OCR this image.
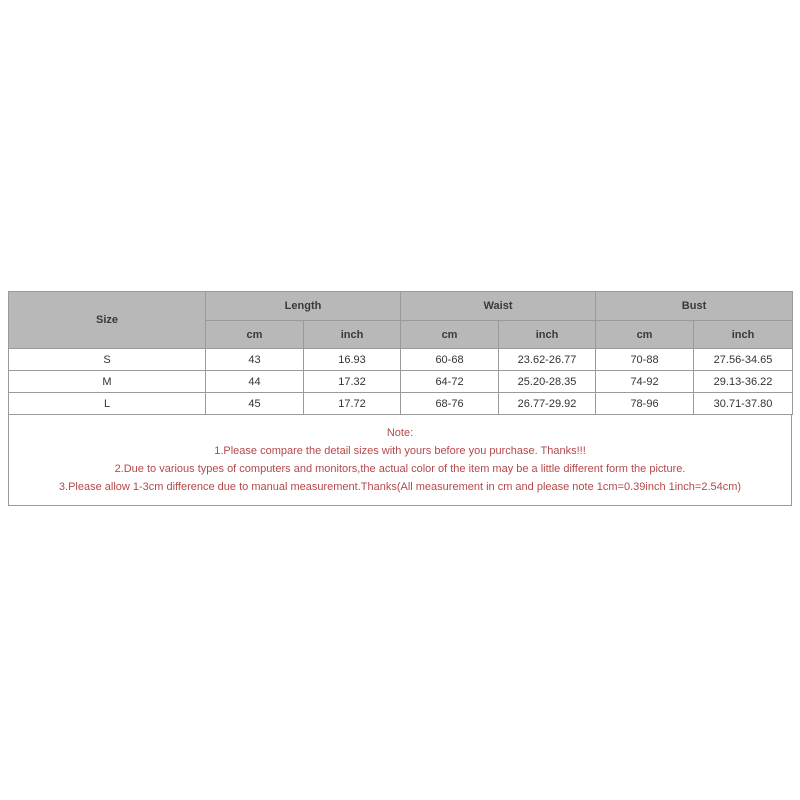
Size	Length		Waist		Bust	
	cm	inch	cm	inch	cm	inch
S	43	16.93	60-68	23.62-26.77	70-88	27.56-34.65
M	44	17.32	64-72	25.20-28.35	74-92	29.13-36.22
L	45	17.72	68-76	26.77-29.92	78-96	30.71-37.80
Note:
1.Please compare the detail sizes with yours before you purchase. Thanks!!!
2.Due to various types of computers and monitors,the actual color of the item may be a little different form the picture.
3.Please allow 1-3cm difference due to manual measurement.Thanks(All measurement in cm and please note 1cm=0.39inch 1inch=2.54cm)
